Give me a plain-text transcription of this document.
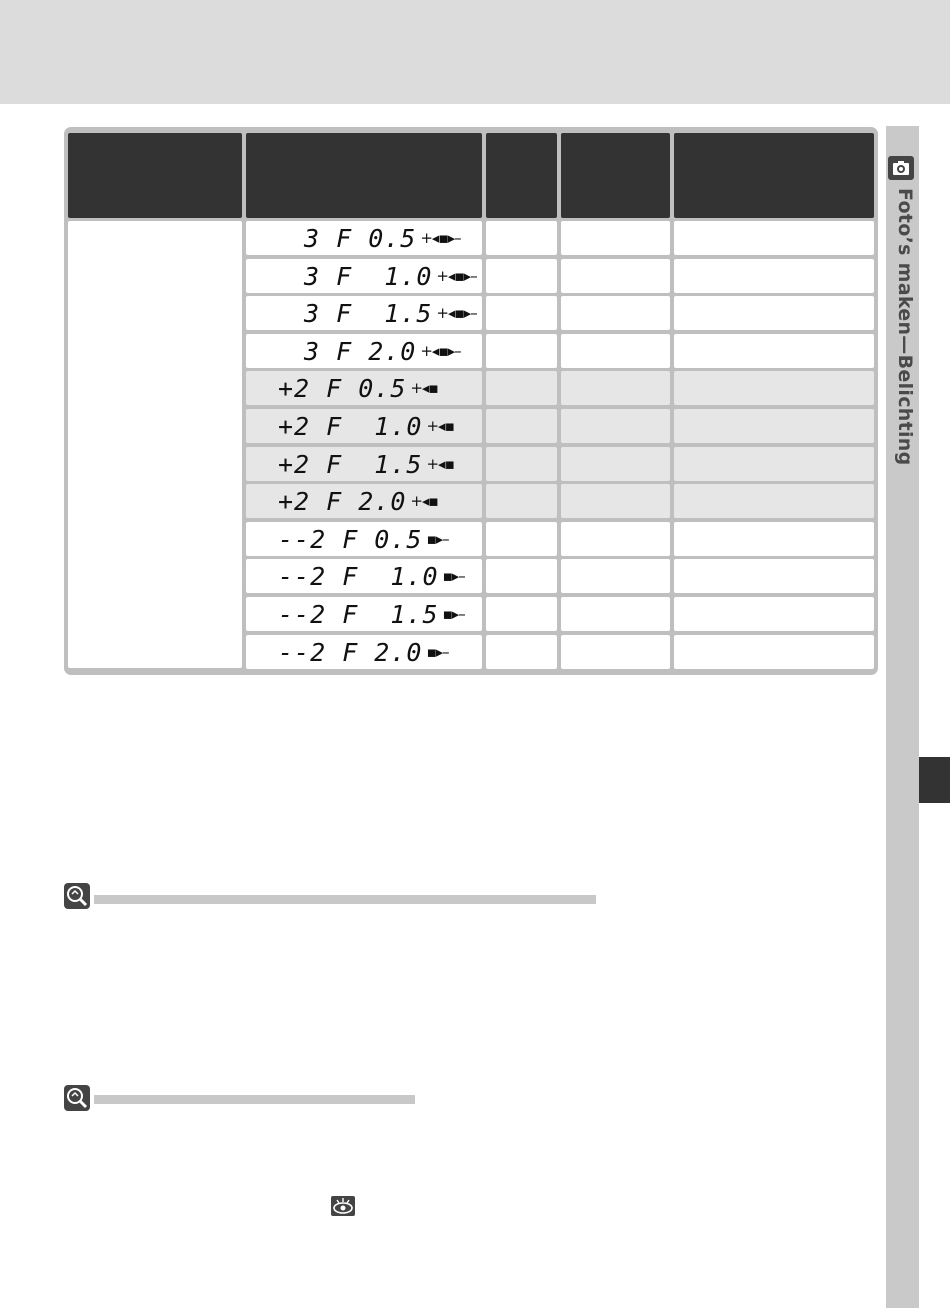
3 F 0.5 +◂▪▸–
3 F  1.0 +◂▪▸–
3 F  1.5 +◂▪▸–
3 F 2.0 +◂▪▸–
+2 F 0.5 +◂▪
+2 F  1.0 +◂▪
+2 F  1.5 +◂▪
+2 F 2.0 +◂▪
--2 F 0.5 ▪▸–
--2 F  1.0 ▪▸–
--2 F  1.5 ▪▸–
--2 F 2.0 ▪▸–
Foto’s maken—Belichting
